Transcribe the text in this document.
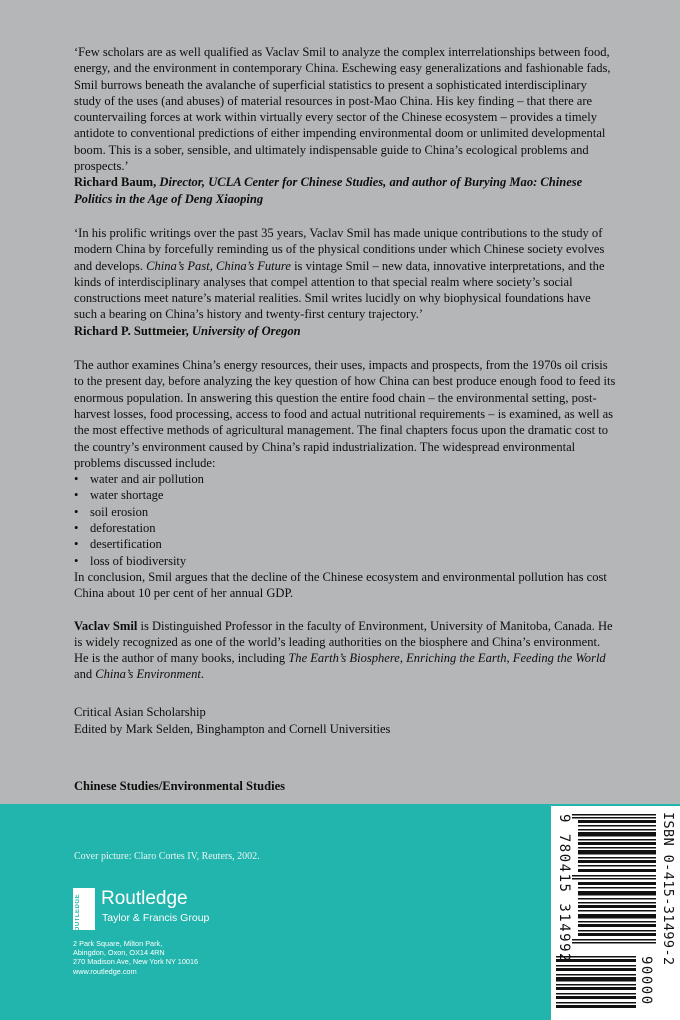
‘Few scholars are as well qualified as Vaclav Smil to analyze the complex interrelationships between food, energy, and the environment in contemporary China. Eschewing easy generalizations and fashionable fads, Smil burrows beneath the avalanche of superficial statistics to present a sophisticated interdisciplinary study of the uses (and abuses) of material resources in post-Mao China. His key finding – that there are countervailing forces at work within virtually every sector of the Chinese ecosystem – provides a timely antidote to conventional predictions of either impending environmental doom or unlimited developmental boom. This is a sober, sensible, and ultimately indispensable guide to China’s ecological problems and prospects.’

Richard Baum, Director, UCLA Center for Chinese Studies, and author of Burying Mao: Chinese Politics in the Age of Deng Xiaoping

‘In his prolific writings over the past 35 years, Vaclav Smil has made unique contributions to the study of modern China by forcefully reminding us of the physical conditions under which Chinese society evolves and develops. China’s Past, China’s Future is vintage Smil – new data, innovative interpretations, and the kinds of interdisciplinary analyses that compel attention to that special realm where society’s social constructions meet nature’s material realities. Smil writes lucidly on why biophysical foundations have such a bearing on China’s history and twenty-first century trajectory.’

Richard P. Suttmeier, University of Oregon

The author examines China’s energy resources, their uses, impacts and prospects, from the 1970s oil crisis to the present day, before analyzing the key question of how China can best produce enough food to feed its enormous population. In answering this question the entire food chain – the environmental setting, post-harvest losses, food processing, access to food and actual nutritional requirements – is examined, as well as the most effective methods of agricultural management. The final chapters focus upon the dramatic cost to the country’s environment caused by China’s rapid industrialization. The widespread environmental problems discussed include:

• water and air pollution
• water shortage
• soil erosion
• deforestation
• desertification
• loss of biodiversity

In conclusion, Smil argues that the decline of the Chinese ecosystem and environmental pollution has cost China about 10 per cent of her annual GDP.

Vaclav Smil is Distinguished Professor in the faculty of Environment, University of Manitoba, Canada. He is widely recognized as one of the world’s leading authorities on the biosphere and China’s environment. He is the author of many books, including The Earth’s Biosphere, Enriching the Earth, Feeding the World and China’s Environment.

Critical Asian Scholarship
Edited by Mark Selden, Binghampton and Cornell Universities
Chinese Studies/Environmental Studies
Cover picture: Claro Cortes IV, Reuters, 2002.
ROUTLEDGE	Routledge
Taylor & Francis Group
2 Park Square, Milton Park,
Abingdon, Oxon, OX14 4RN
270 Madison Ave, New York NY 10016
www.routledge.com
ISBN 0-415-31499-2
90000
9 780415 314992
